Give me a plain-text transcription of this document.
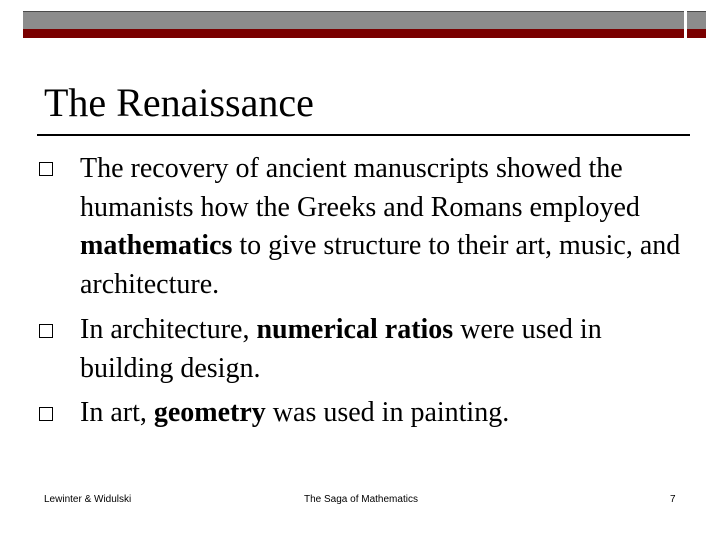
The Renaissance
The recovery of ancient manuscripts showed the humanists how the Greeks and Romans employed mathematics to give structure to their art, music, and architecture.
In architecture, numerical ratios were used in building design.
In art, geometry was used in painting.
Lewinter & Widulski	The Saga of Mathematics	7
